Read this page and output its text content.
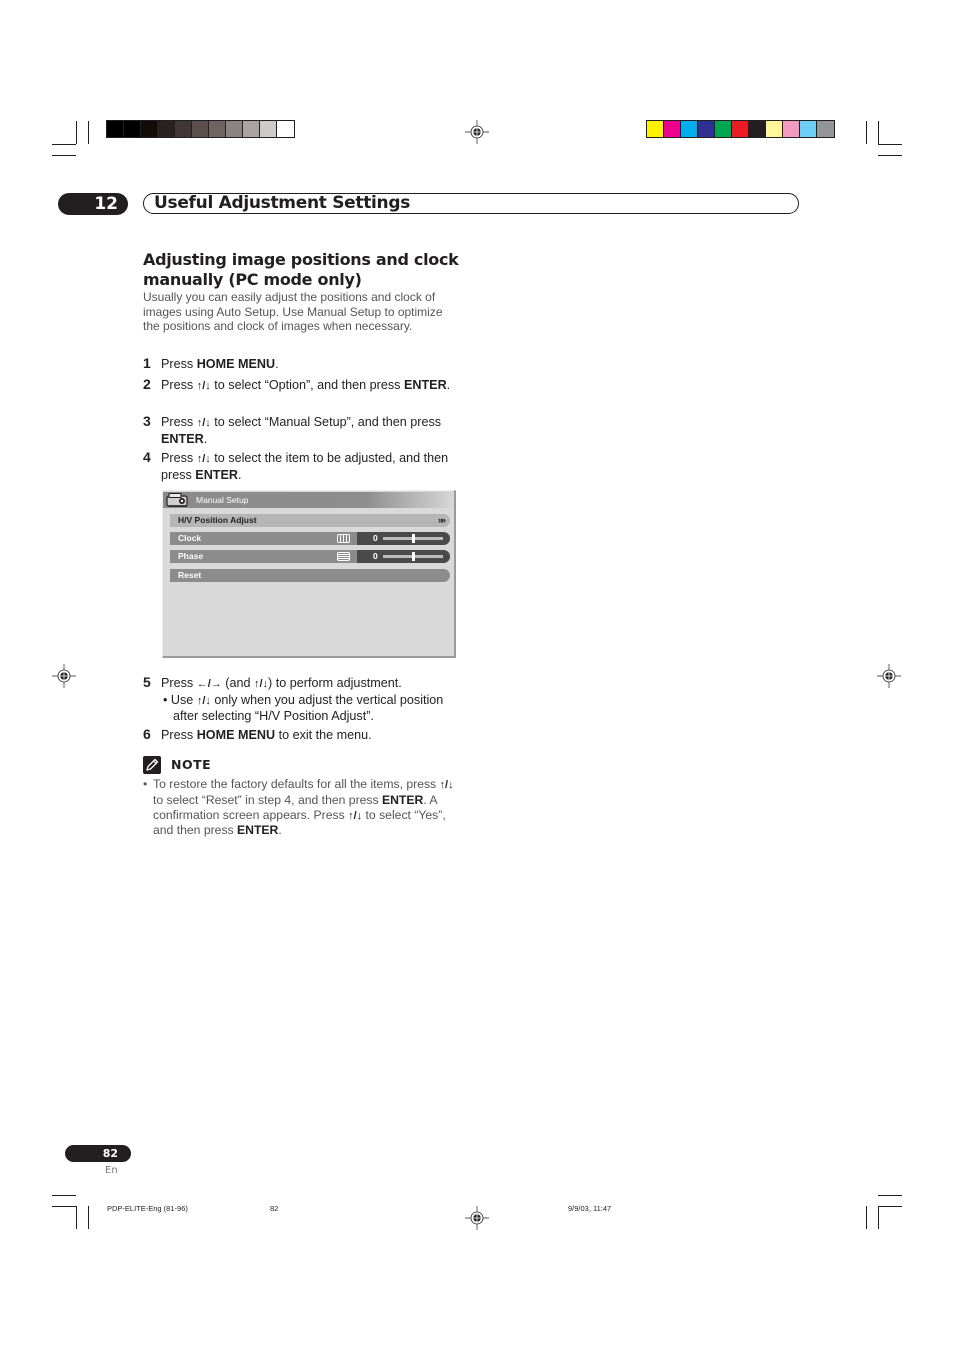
12	Useful Adjustment Settings
Adjusting image positions and clock manually (PC mode only)
Usually you can easily adjust the positions and clock of images using Auto Setup. Use Manual Setup to optimize the positions and clock of images when necessary.
1 Press HOME MENU.
2 Press ↑/↓ to select “Option”, and then press ENTER.
3 Press ↑/↓ to select “Manual Setup”, and then press ENTER.
4 Press ↑/↓ to select the item to be adjusted, and then press ENTER.
Manual Setup
H/V Position Adjust	»»
Clock	0
Phase	0
Reset
5 Press ←/→ (and ↑/↓) to perform adjustment.
• Use ↑/↓ only when you adjust the vertical position after selecting “H/V Position Adjust”.
6 Press HOME MENU to exit the menu.
NOTE
• To restore the factory defaults for all the items, press ↑/↓ to select “Reset” in step 4, and then press ENTER. A confirmation screen appears. Press ↑/↓ to select “Yes”, and then press ENTER.
82
En
PDP-ELITE-Eng (81-96)	82	9/9/03, 11:47
